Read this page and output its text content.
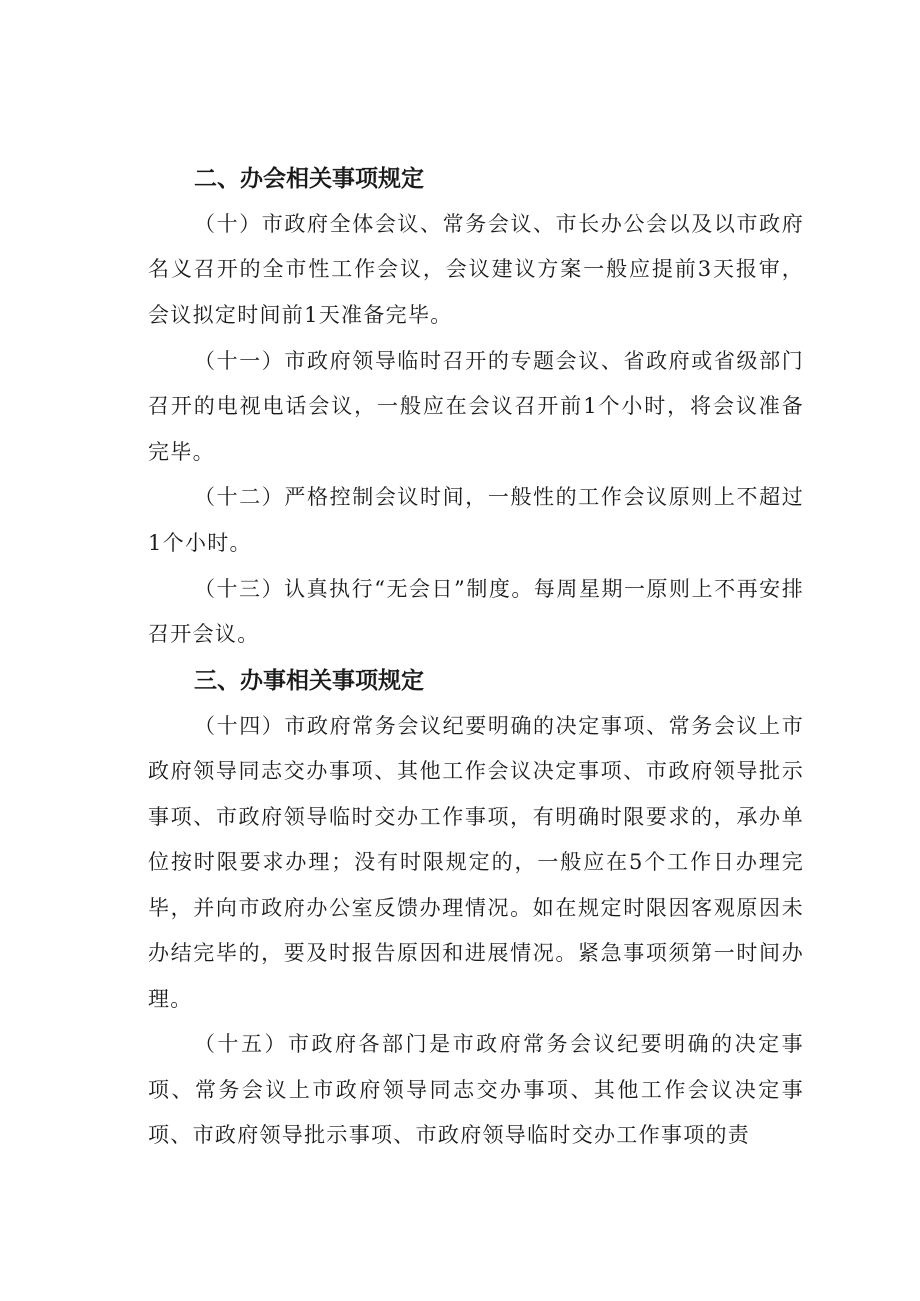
二、办会相关事项规定

（十）市政府全体会议、常务会议、市长办公会以及以市政府名义召开的全市性工作会议，会议建议方案一般应提前3天报审，会议拟定时间前1天准备完毕。

（十一）市政府领导临时召开的专题会议、省政府或省级部门召开的电视电话会议，一般应在会议召开前1个小时，将会议准备完毕。

（十二）严格控制会议时间，一般性的工作会议原则上不超过1个小时。

（十三）认真执行“无会日”制度。每周星期一原则上不再安排召开会议。

三、办事相关事项规定

（十四）市政府常务会议纪要明确的决定事项、常务会议上市政府领导同志交办事项、其他工作会议决定事项、市政府领导批示事项、市政府领导临时交办工作事项，有明确时限要求的，承办单位按时限要求办理；没有时限规定的，一般应在5个工作日办理完毕，并向市政府办公室反馈办理情况。如在规定时限因客观原因未办结完毕的，要及时报告原因和进展情况。紧急事项须第一时间办理。

（十五）市政府各部门是市政府常务会议纪要明确的决定事项、常务会议上市政府领导同志交办事项、其他工作会议决定事项、市政府领导批示事项、市政府领导临时交办工作事项的责
